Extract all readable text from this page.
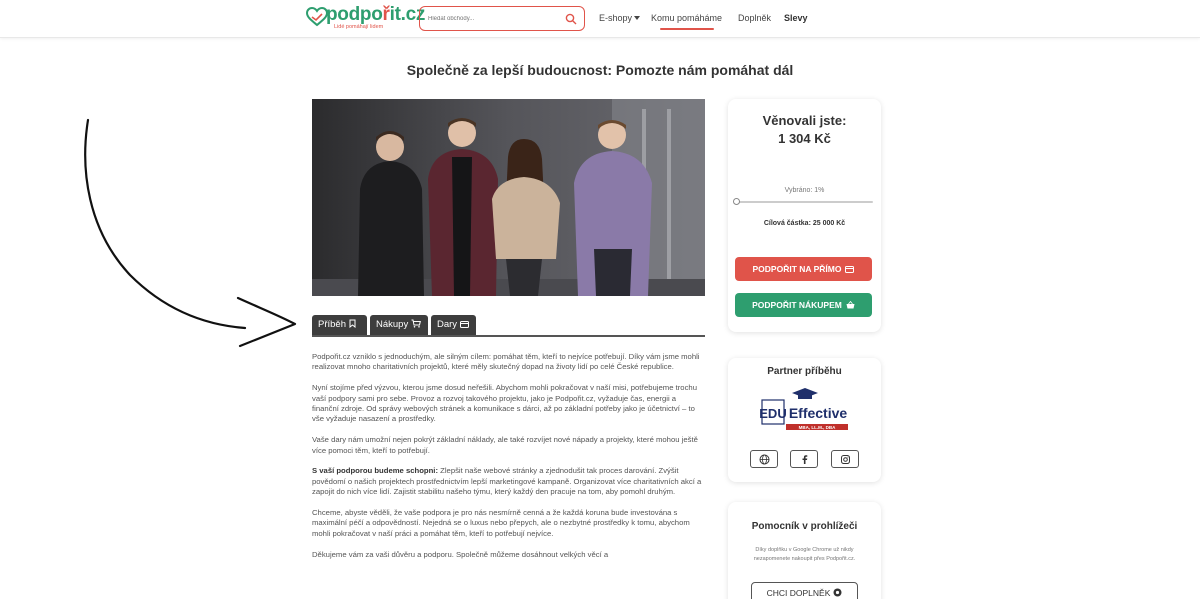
podpořit.cz
Lidé pomáhají lidem
Hledat obchody...
E-shopy	Komu pomáháme Doplněk Slevy
Společně za lepší budoucnost: Pomozte nám pomáhat dál
Příběh	Nákupy	Dary

Podpořit.cz vzniklo s jednoduchým, ale silným cílem: pomáhat těm, kteří to nejvíce potřebují. Díky vám jsme mohli realizovat mnoho charitativních projektů, které měly skutečný dopad na životy lidí po celé České republice.

Nyní stojíme před výzvou, kterou jsme dosud neřešili. Abychom mohli pokračovat v naší misi, potřebujeme trochu vaší podpory sami pro sebe. Provoz a rozvoj takového projektu, jako je Podpořit.cz, vyžaduje čas, energii a finanční zdroje. Od správy webových stránek a komunikace s dárci, až po základní potřeby jako je účetnictví – to vše vyžaduje nasazení a prostředky.

Vaše dary nám umožní nejen pokrýt základní náklady, ale také rozvíjet nové nápady a projekty, které mohou ještě více pomoci těm, kteří to potřebují.

S vaší podporou budeme schopni: Zlepšit naše webové stránky a zjednodušit tak proces darování. Zvýšit povědomí o našich projektech prostřednictvím lepší marketingové kampaně. Organizovat více charitativních akcí a zapojit do nich více lidí. Zajistit stabilitu našeho týmu, který každý den pracuje na tom, aby pomohl druhým.

Chceme, abyste věděli, že vaše podpora je pro nás nesmírně cenná a že každá koruna bude investována s maximální péčí a odpovědností. Nejedná se o luxus nebo přepych, ale o nezbytné prostředky k tomu, abychom mohli pokračovat v naší práci a pomáhat těm, kteří to potřebují nejvíce.

Děkujeme vám za vaši důvěru a podporu. Společně můžeme dosáhnout velkých věcí a

Věnovali jste:
1 304 Kč
Vybráno: 1%
Cílová částka: 25 000 Kč
PODPOŘIT NA PŘÍMO
PODPOŘIT NÁKUPEM
Partner příběhu
EDU Effective
MBA, LL.M., DBA
Pomocník v prohlížeči
Díky doplňku v Google Chrome už nikdy nezapomenete nakoupit přes Podpořit.cz.
CHCI DOPLNĚK
